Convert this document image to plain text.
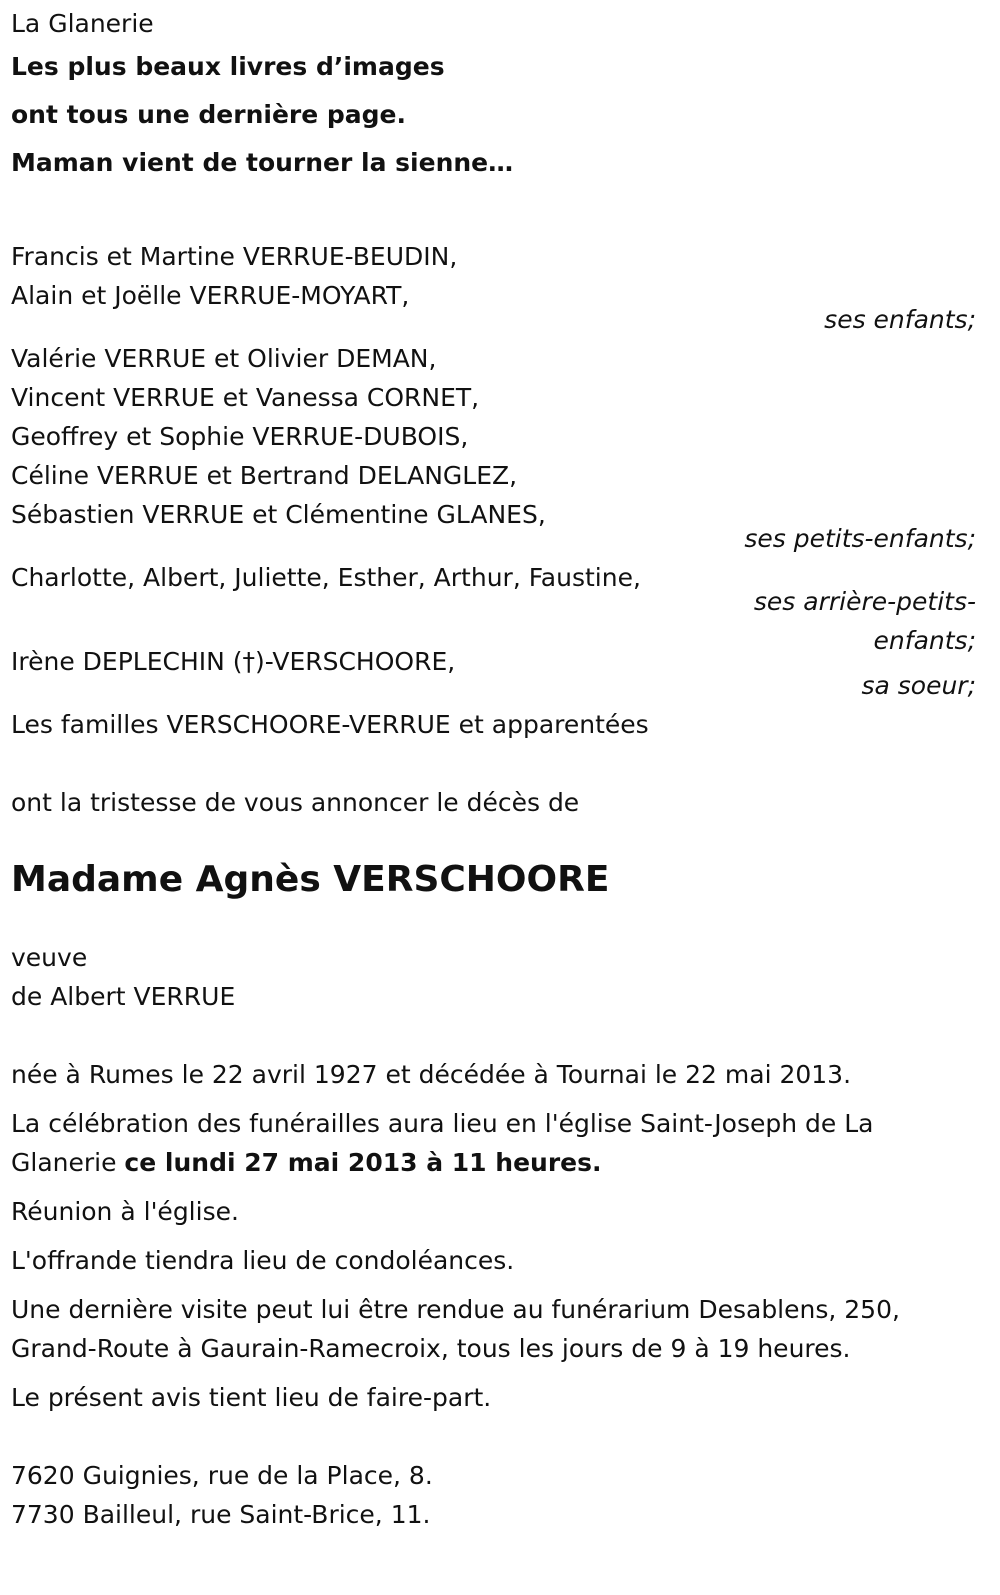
La Glanerie
Les plus beaux livres d’images
ont tous une dernière page.
Maman vient de tourner la sienne…
Francis et Martine VERRUE-BEUDIN,
Alain et Joëlle VERRUE-MOYART,
ses enfants;
Valérie VERRUE et Olivier DEMAN,
Vincent VERRUE et Vanessa CORNET,
Geoffrey et Sophie VERRUE-DUBOIS,
Céline VERRUE et Bertrand DELANGLEZ,
Sébastien VERRUE et Clémentine GLANES,
ses petits-enfants;
Charlotte, Albert, Juliette, Esther, Arthur, Faustine,
ses arrière-petits-
enfants;
Irène DEPLECHIN (†)-VERSCHOORE,
sa soeur;
Les familles VERSCHOORE-VERRUE et apparentées
ont la tristesse de vous annoncer le décès de
Madame Agnès VERSCHOORE
veuve
de Albert VERRUE
née à Rumes le 22 avril 1927 et décédée à Tournai le 22 mai 2013.
La célébration des funérailles aura lieu en l'église Saint-Joseph de La
Glanerie ce lundi 27 mai 2013 à 11 heures.
Réunion à l'église.
L'offrande tiendra lieu de condoléances.
Une dernière visite peut lui être rendue au funérarium Desablens, 250,
Grand-Route à Gaurain-Ramecroix, tous les jours de 9 à 19 heures.
Le présent avis tient lieu de faire-part.
7620 Guignies, rue de la Place, 8.
7730 Bailleul, rue Saint-Brice, 11.
